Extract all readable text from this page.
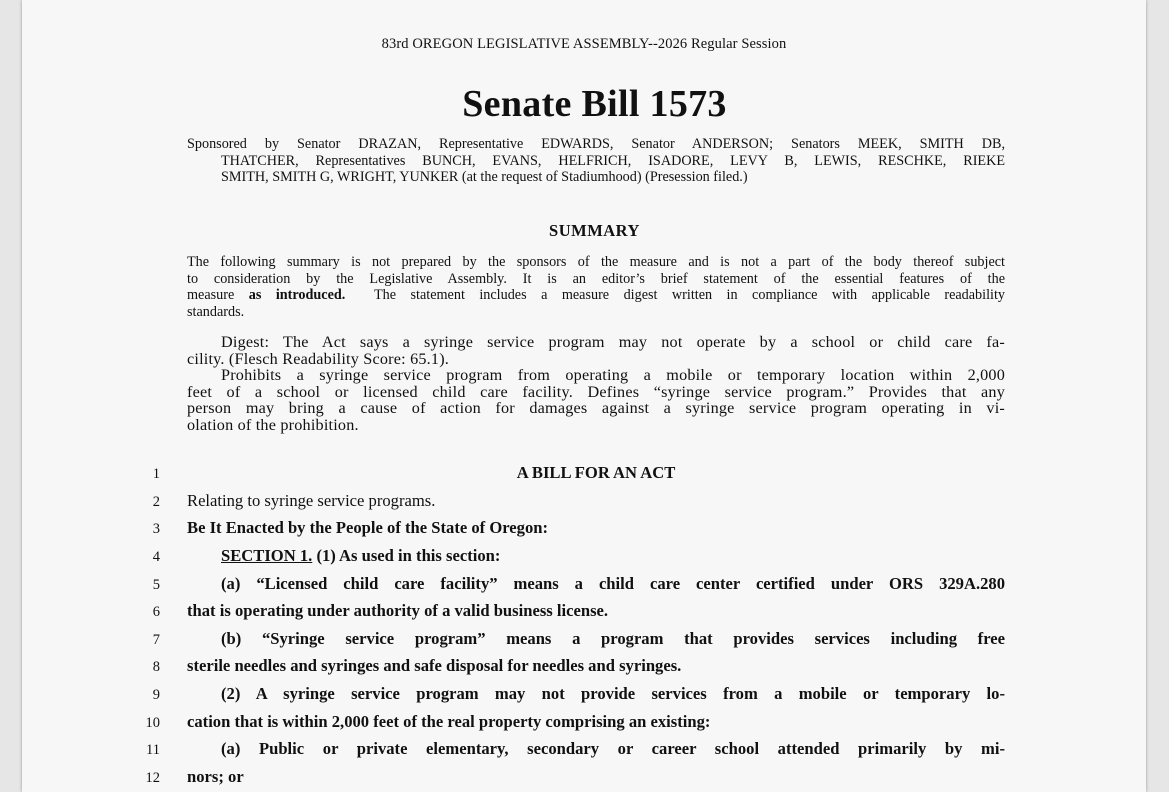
83rd OREGON LEGISLATIVE ASSEMBLY--2026 Regular Session
Senate Bill 1573
Sponsored by Senator DRAZAN, Representative EDWARDS, Senator ANDERSON; Senators MEEK, SMITH DB,
THATCHER, Representatives BUNCH, EVANS, HELFRICH, ISADORE, LEVY B, LEWIS, RESCHKE, RIEKE
SMITH, SMITH G, WRIGHT, YUNKER (at the request of Stadiumhood) (Presession filed.)
SUMMARY
The following summary is not prepared by the sponsors of the measure and is not a part of the body thereof subject
to consideration by the Legislative Assembly. It is an editor’s brief statement of the essential features of the
measure as introduced. The statement includes a measure digest written in compliance with applicable readability
standards.
Digest: The Act says a syringe service program may not operate by a school or child care fa-
cility. (Flesch Readability Score: 65.1).
Prohibits a syringe service program from operating a mobile or temporary location within 2,000
feet of a school or licensed child care facility. Defines “syringe service program.” Provides that any
person may bring a cause of action for damages against a syringe service program operating in vi-
olation of the prohibition.
1
2
3
4
5
6
7
8
9
10
11
12
A BILL FOR AN ACT
Relating to syringe service programs.
Be It Enacted by the People of the State of Oregon:
SECTION 1. (1) As used in this section:
(a) “Licensed child care facility” means a child care center certified under ORS 329A.280
that is operating under authority of a valid business license.
(b) “Syringe service program” means a program that provides services including free
sterile needles and syringes and safe disposal for needles and syringes.
(2) A syringe service program may not provide services from a mobile or temporary lo-
cation that is within 2,000 feet of the real property comprising an existing:
(a) Public or private elementary, secondary or career school attended primarily by mi-
nors; or
